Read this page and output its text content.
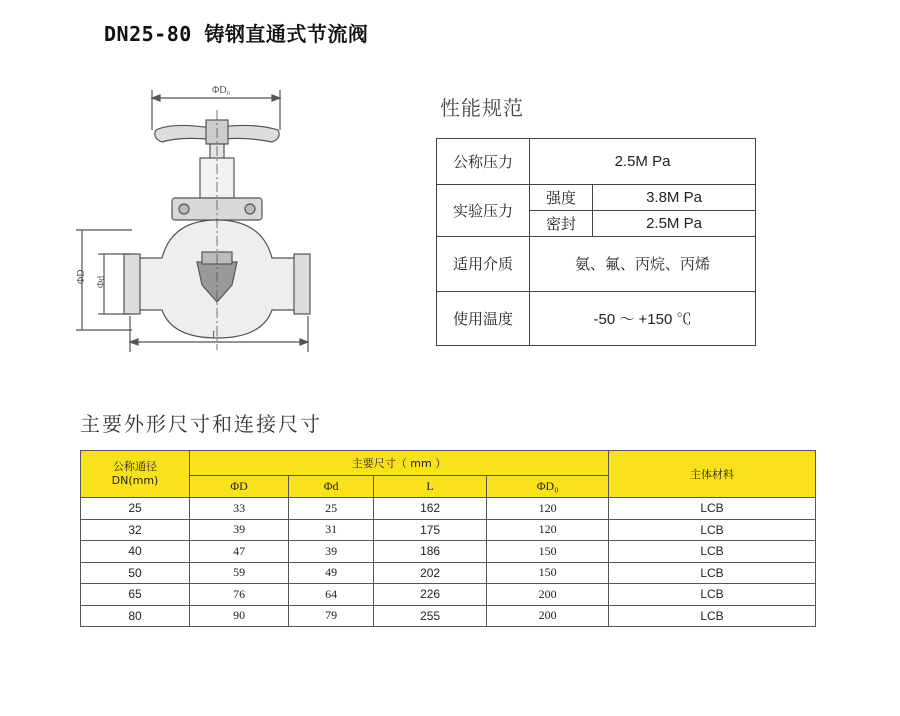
DN25-80 铸钢直通式节流阀
ΦD₀
ΦD Φd
L
性能规范
公称压力	2.5M Pa	
实验压力	强度	3.8M Pa
	密封	2.5M Pa
适用介质	氨、氟、丙烷、丙烯	
使用温度	-50 ～ +150 ℃	
主要外形尺寸和连接尺寸
公称通径
DN(mm)	主要尺寸（ mm ）				主体材料
	ΦD	Φd	L	ΦD₀	
25	33	25	162	120	LCB
32	39	31	175	120	LCB
40	47	39	186	150	LCB
50	59	49	202	150	LCB
65	76	64	226	200	LCB
80	90	79	255	200	LCB
